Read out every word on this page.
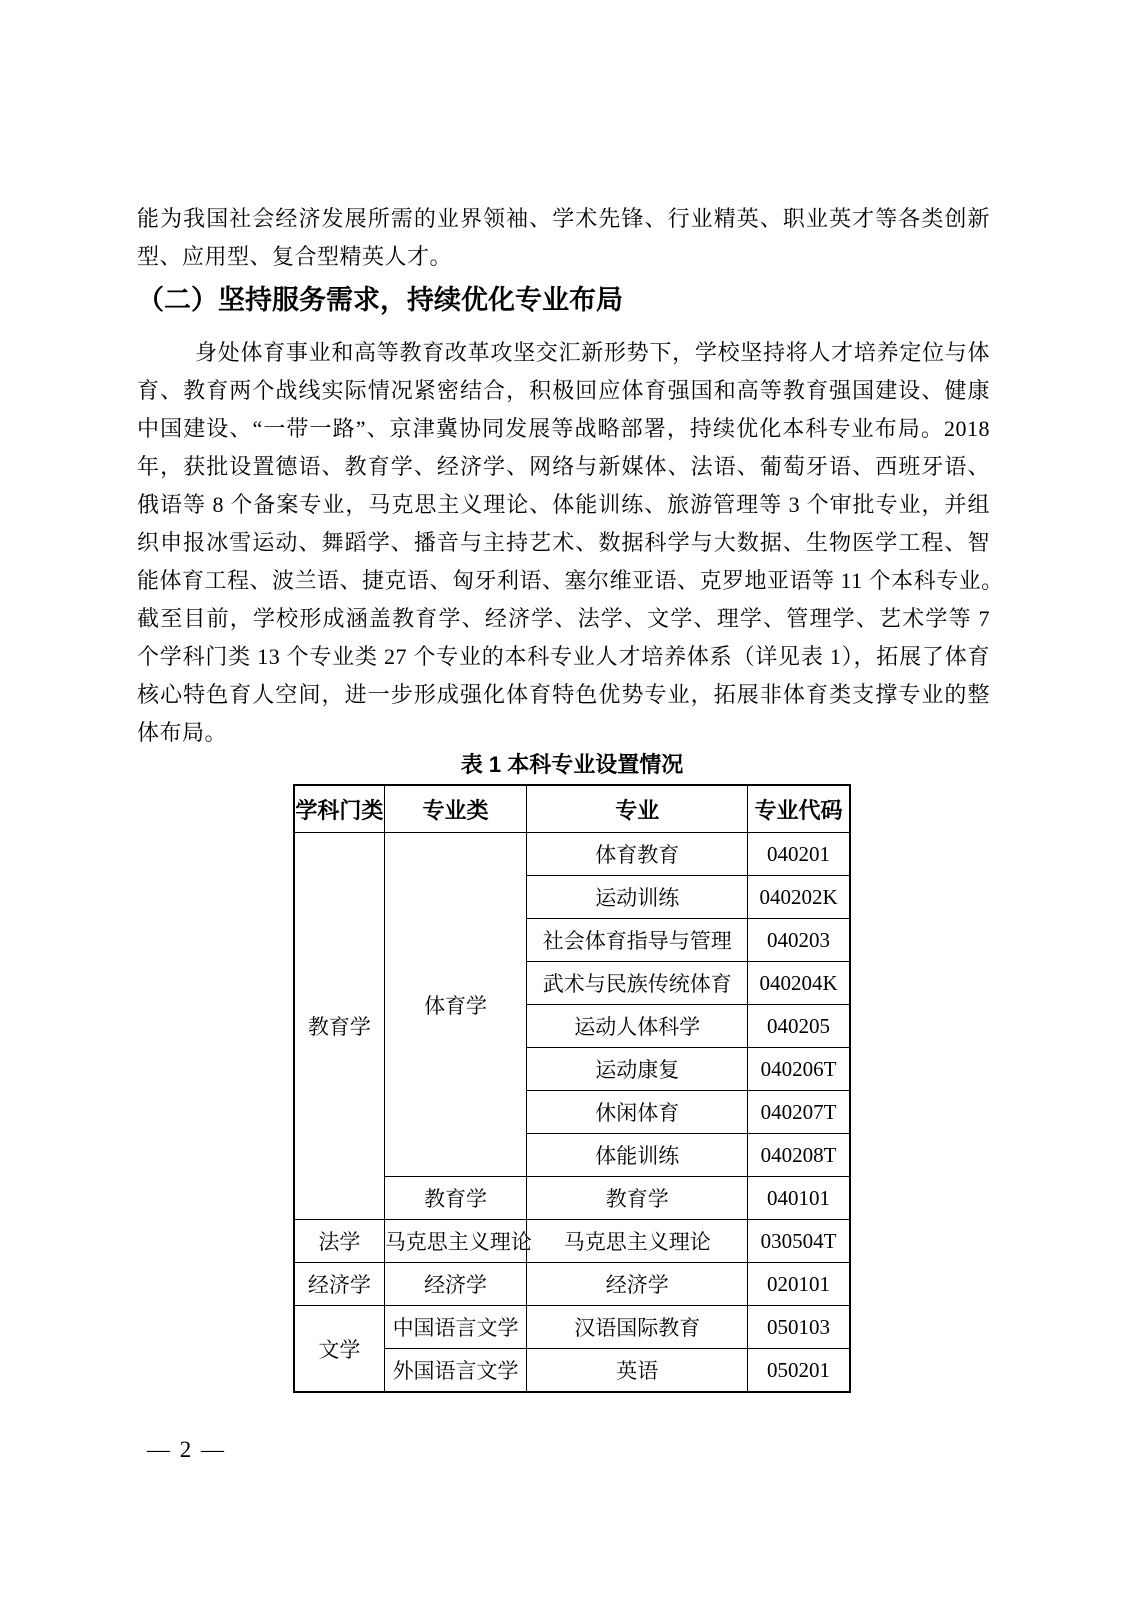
能为我国社会经济发展所需的业界领袖、学术先锋、行业精英、职业英才等各类创新
型、应用型、复合型精英人才。
（二）坚持服务需求，持续优化专业布局
身处体育事业和高等教育改革攻坚交汇新形势下，学校坚持将人才培养定位与体
育、教育两个战线实际情况紧密结合，积极回应体育强国和高等教育强国建设、健康
中国建设、“一带一路”、京津冀协同发展等战略部署，持续优化本科专业布局。2018
年，获批设置德语、教育学、经济学、网络与新媒体、法语、葡萄牙语、西班牙语、
俄语等 8 个备案专业，马克思主义理论、体能训练、旅游管理等 3 个审批专业，并组
织申报冰雪运动、舞蹈学、播音与主持艺术、数据科学与大数据、生物医学工程、智
能体育工程、波兰语、捷克语、匈牙利语、塞尔维亚语、克罗地亚语等 11 个本科专业。
截至目前，学校形成涵盖教育学、经济学、法学、文学、理学、管理学、艺术学等 7
个学科门类 13 个专业类 27 个专业的本科专业人才培养体系（详见表 1），拓展了体育
核心特色育人空间，进一步形成强化体育特色优势专业，拓展非体育类支撑专业的整
体布局。
表 1 本科专业设置情况
学科门类	专业类	专业	专业代码
教育学	体育学	体育教育	040201
		运动训练	040202K
		社会体育指导与管理	040203
		武术与民族传统体育	040204K
		运动人体科学	040205
		运动康复	040206T
		休闲体育	040207T
		体能训练	040208T
	教育学	教育学	040101
法学	马克思主义理论	马克思主义理论	030504T
经济学	经济学	经济学	020101
文学	中国语言文学	汉语国际教育	050103
	外国语言文学	英语	050201
— 2 —
